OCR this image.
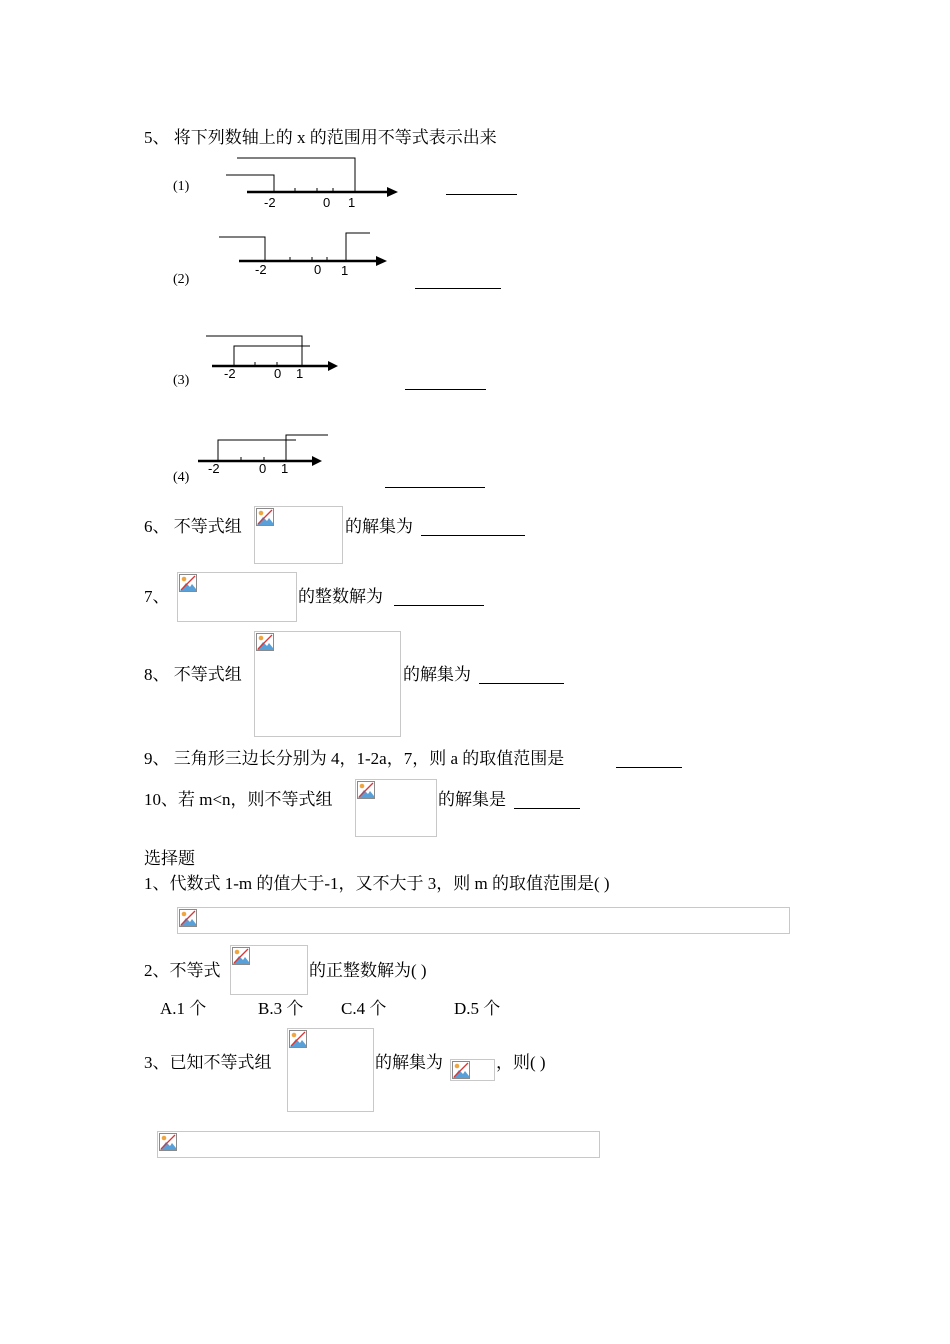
5、 将下列数轴上的 x 的范围用不等式表示出来
(1)
-2	0 1
(2)
-2	0 1
(3)	-2	0 1
(4)
-2	0 1
6、 不等式组	的解集为
7、	的整数解为
8、 不等式组	的解集为
9、 三角形三边长分别为 4，1-2a，7，则 a 的取值范围是
10、若 m<n，则不等式组	的解集是
选择题
1、代数式 1-m 的值大于-1，又不大于 3，则 m 的取值范围是( )
2、不等式	的正整数解为( )
A.1 个	B.3 个 C.4 个	D.5 个
3、已知不等式组	的解集为	，则( )
